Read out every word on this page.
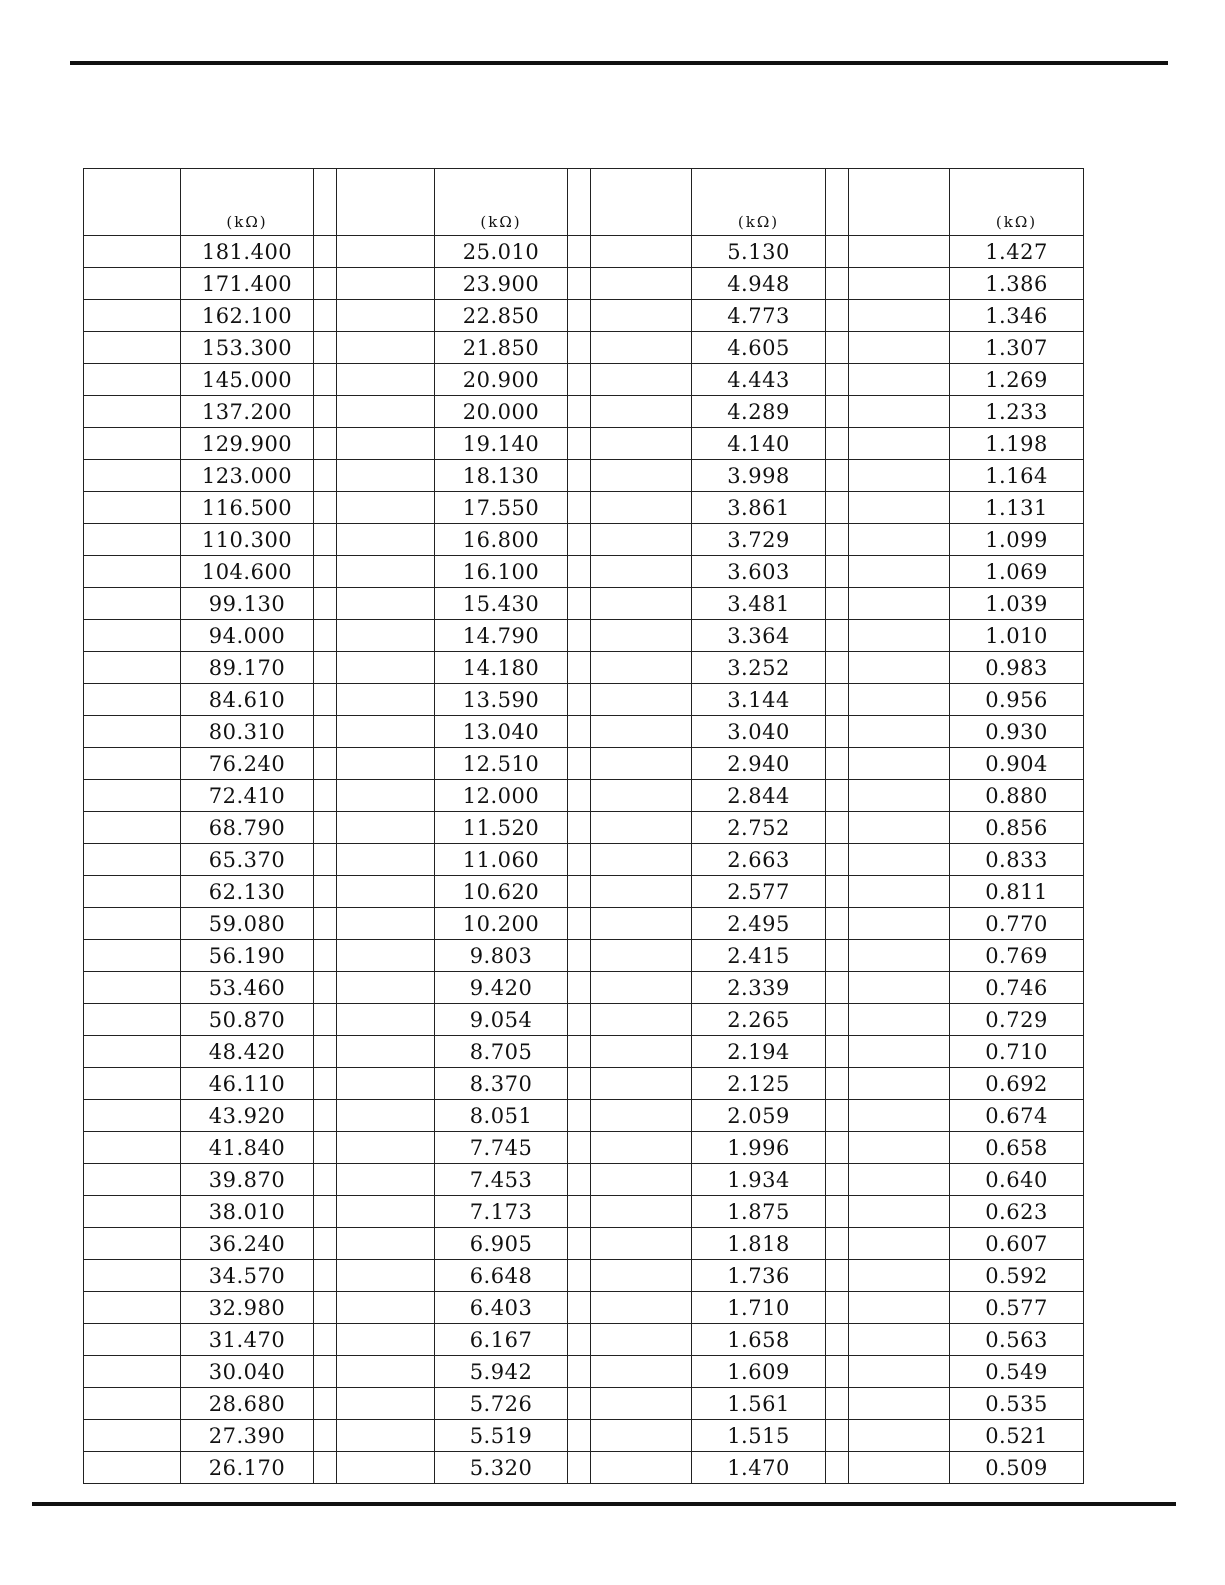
	(kΩ)			(kΩ)			(kΩ)			(kΩ)
	181.400			25.010			5.130			1.427
	171.400			23.900			4.948			1.386
	162.100			22.850			4.773			1.346
	153.300			21.850			4.605			1.307
	145.000			20.900			4.443			1.269
	137.200			20.000			4.289			1.233
	129.900			19.140			4.140			1.198
	123.000			18.130			3.998			1.164
	116.500			17.550			3.861			1.131
	110.300			16.800			3.729			1.099
	104.600			16.100			3.603			1.069
	99.130			15.430			3.481			1.039
	94.000			14.790			3.364			1.010
	89.170			14.180			3.252			0.983
	84.610			13.590			3.144			0.956
	80.310			13.040			3.040			0.930
	76.240			12.510			2.940			0.904
	72.410			12.000			2.844			0.880
	68.790			11.520			2.752			0.856
	65.370			11.060			2.663			0.833
	62.130			10.620			2.577			0.811
	59.080			10.200			2.495			0.770
	56.190			9.803			2.415			0.769
	53.460			9.420			2.339			0.746
	50.870			9.054			2.265			0.729
	48.420			8.705			2.194			0.710
	46.110			8.370			2.125			0.692
	43.920			8.051			2.059			0.674
	41.840			7.745			1.996			0.658
	39.870			7.453			1.934			0.640
	38.010			7.173			1.875			0.623
	36.240			6.905			1.818			0.607
	34.570			6.648			1.736			0.592
	32.980			6.403			1.710			0.577
	31.470			6.167			1.658			0.563
	30.040			5.942			1.609			0.549
	28.680			5.726			1.561			0.535
	27.390			5.519			1.515			0.521
	26.170			5.320			1.470			0.509
